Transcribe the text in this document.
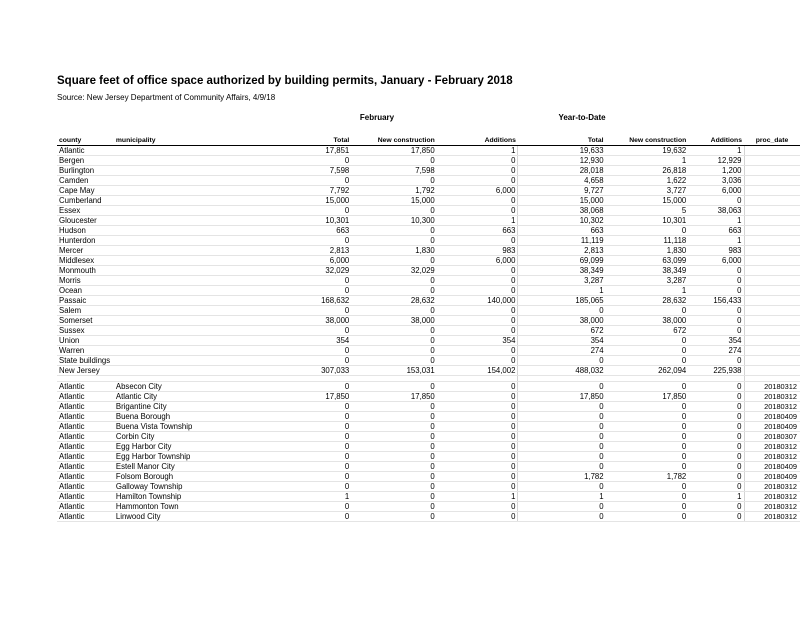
Square feet of office space authorized by building permits, January - February 2018
Source: New Jersey Department of Community Affairs, 4/9/18
February	Year-to-Date
county	municipality	Total	New construction	Additions	Total	New construction	Additions	proc_date
Atlantic		17,851	17,850	1	19,633	19,632	1	
Bergen		0	0	0	12,930	1	12,929	
Burlington		7,598	7,598	0	28,018	26,818	1,200	
Camden		0	0	0	4,658	1,622	3,036	
Cape May		7,792	1,792	6,000	9,727	3,727	6,000	
Cumberland		15,000	15,000	0	15,000	15,000	0	
Essex		0	0	0	38,068	5	38,063	
Gloucester		10,301	10,300	1	10,302	10,301	1	
Hudson		663	0	663	663	0	663	
Hunterdon		0	0	0	11,119	11,118	1	
Mercer		2,813	1,830	983	2,813	1,830	983	
Middlesex		6,000	0	6,000	69,099	63,099	6,000	
Monmouth		32,029	32,029	0	38,349	38,349	0	
Morris		0	0	0	3,287	3,287	0	
Ocean		0	0	0	1	1	0	
Passaic		168,632	28,632	140,000	185,065	28,632	156,433	
Salem		0	0	0	0	0	0	
Somerset		38,000	38,000	0	38,000	38,000	0	
Sussex		0	0	0	672	672	0	
Union		354	0	354	354	0	354	
Warren		0	0	0	274	0	274	
State buildings		0	0	0	0	0	0	
New Jersey		307,033	153,031	154,002	488,032	262,094	225,938	

Atlantic	Absecon City	0	0	0	0	0	0	20180312
Atlantic	Atlantic City	17,850	17,850	0	17,850	17,850	0	20180312
Atlantic	Brigantine City	0	0	0	0	0	0	20180312
Atlantic	Buena Borough	0	0	0	0	0	0	20180409
Atlantic	Buena Vista Township	0	0	0	0	0	0	20180409
Atlantic	Corbin City	0	0	0	0	0	0	20180307
Atlantic	Egg Harbor City	0	0	0	0	0	0	20180312
Atlantic	Egg Harbor Township	0	0	0	0	0	0	20180312
Atlantic	Estell Manor City	0	0	0	0	0	0	20180409
Atlantic	Folsom Borough	0	0	0	1,782	1,782	0	20180409
Atlantic	Galloway Township	0	0	0	0	0	0	20180312
Atlantic	Hamilton Township	1	0	1	1	0	1	20180312
Atlantic	Hammonton Town	0	0	0	0	0	0	20180312
Atlantic	Linwood City	0	0	0	0	0	0	20180312
